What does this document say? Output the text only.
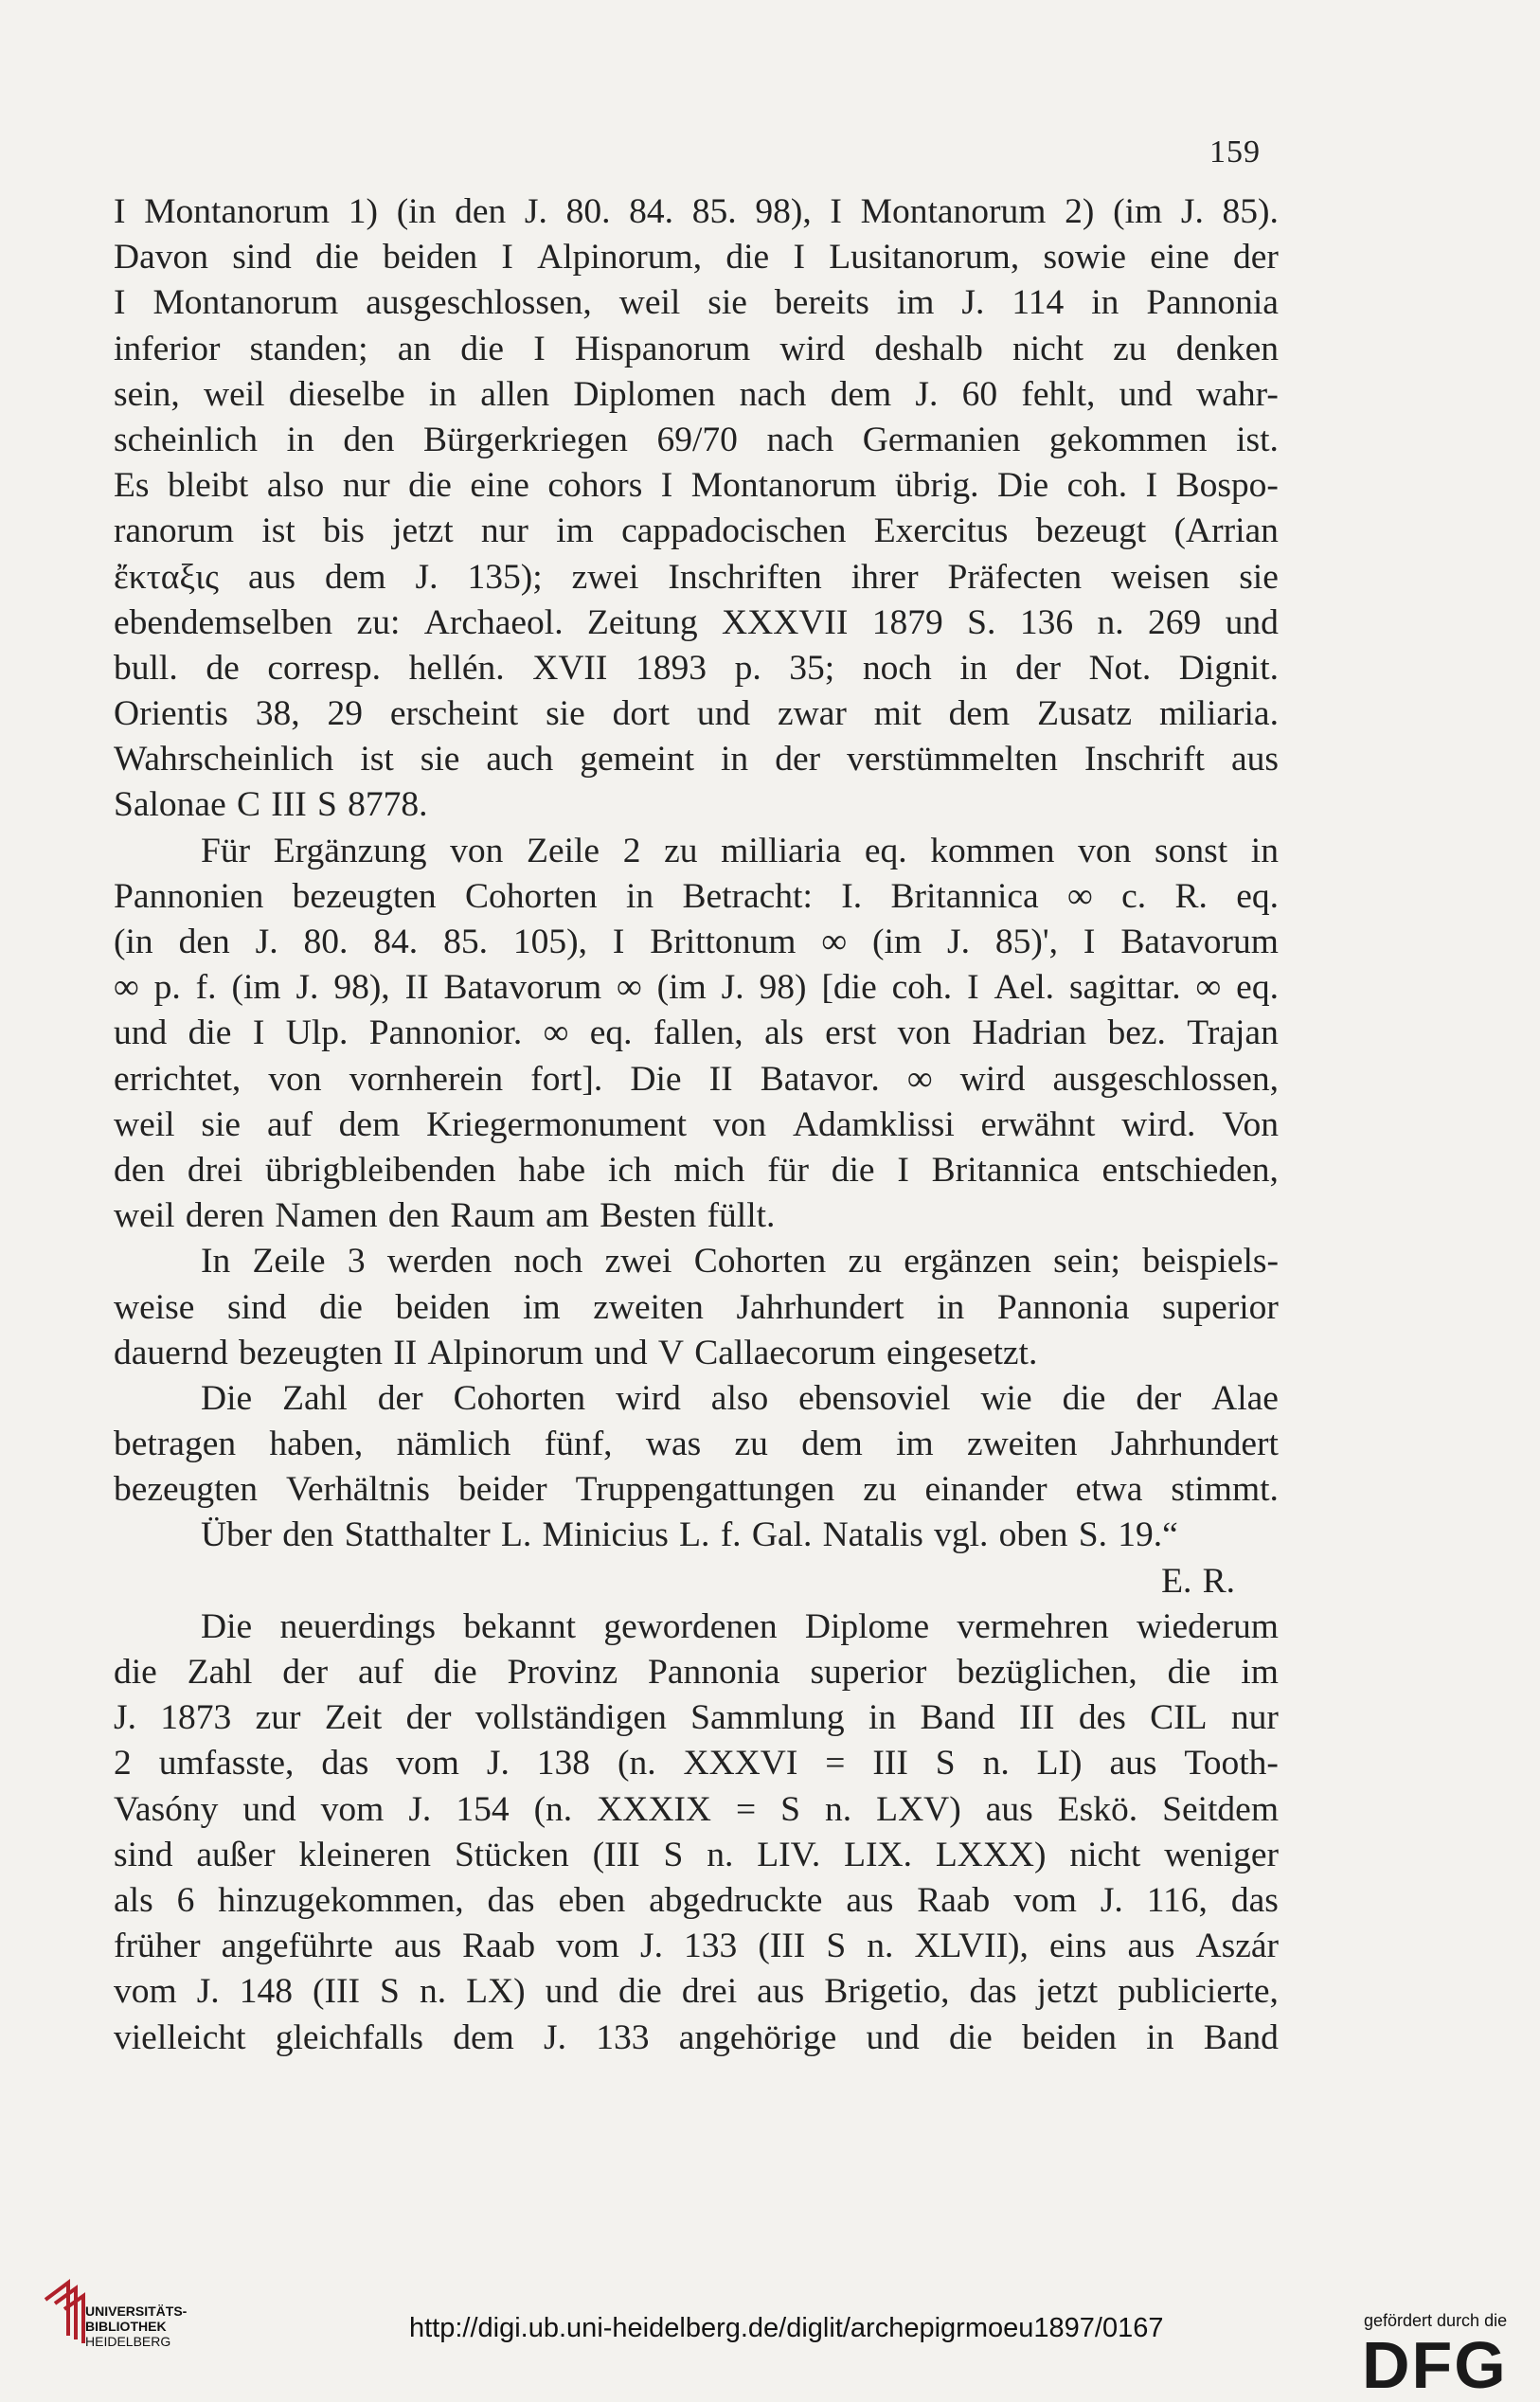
159
I Montanorum 1) (in den J. 80. 84. 85. 98), I Montanorum 2) (im J. 85).
Davon sind die beiden I Alpinorum, die I Lusitanorum, sowie eine der
I Montanorum ausgeschlossen, weil sie bereits im J. 114 in Pannonia
inferior standen; an die I Hispanorum wird deshalb nicht zu denken
sein, weil dieselbe in allen Diplomen nach dem J. 60 fehlt, und wahr-
scheinlich in den Bürgerkriegen 69/70 nach Germanien gekommen ist.
Es bleibt also nur die eine cohors I Montanorum übrig. Die coh. I Bospo-
ranorum ist bis jetzt nur im cappadocischen Exercitus bezeugt (Arrian
ἔκταξις aus dem J. 135); zwei Inschriften ihrer Präfecten weisen sie
ebendemselben zu: Archaeol. Zeitung XXXVII 1879 S. 136 n. 269 und
bull. de corresp. hellén. XVII 1893 p. 35; noch in der Not. Dignit.
Orientis 38, 29 erscheint sie dort und zwar mit dem Zusatz miliaria.
Wahrscheinlich ist sie auch gemeint in der verstümmelten Inschrift aus
Salonae C III S 8778.
Für Ergänzung von Zeile 2 zu milliaria eq. kommen von sonst in
Pannonien bezeugten Cohorten in Betracht: I. Britannica ∞ c. R. eq.
(in den J. 80. 84. 85. 105), I Brittonum ∞ (im J. 85)', I Batavorum
∞ p. f. (im J. 98), II Batavorum ∞ (im J. 98) [die coh. I Ael. sagittar. ∞ eq.
und die I Ulp. Pannonior. ∞ eq. fallen, als erst von Hadrian bez. Trajan
errichtet, von vornherein fort]. Die II Batavor. ∞ wird ausgeschlossen,
weil sie auf dem Kriegermonument von Adamklissi erwähnt wird. Von
den drei übrigbleibenden habe ich mich für die I Britannica entschieden,
weil deren Namen den Raum am Besten füllt.
In Zeile 3 werden noch zwei Cohorten zu ergänzen sein; beispiels-
weise sind die beiden im zweiten Jahrhundert in Pannonia superior
dauernd bezeugten II Alpinorum und V Callaecorum eingesetzt.
Die Zahl der Cohorten wird also ebensoviel wie die der Alae
betragen haben, nämlich fünf, was zu dem im zweiten Jahrhundert
bezeugten Verhältnis beider Truppengattungen zu einander etwa stimmt.
Über den Statthalter L. Minicius L. f. Gal. Natalis vgl. oben S. 19.“
E. R.
Die neuerdings bekannt gewordenen Diplome vermehren wiederum
die Zahl der auf die Provinz Pannonia superior bezüglichen, die im
J. 1873 zur Zeit der vollständigen Sammlung in Band III des CIL nur
2 umfasste, das vom J. 138 (n. XXXVI = III S n. LI) aus Tooth-
Vasóny und vom J. 154 (n. XXXIX = S n. LXV) aus Eskö. Seitdem
sind außer kleineren Stücken (III S n. LIV. LIX. LXXX) nicht weniger
als 6 hinzugekommen, das eben abgedruckte aus Raab vom J. 116, das
früher angeführte aus Raab vom J. 133 (III S n. XLVII), eins aus Aszár
vom J. 148 (III S n. LX) und die drei aus Brigetio, das jetzt publicierte,
vielleicht gleichfalls dem J. 133 angehörige und die beiden in Band
UNIVERSITÄTS-
BIBLIOTHEK
HEIDELBERG	http://digi.ub.uni-heidelberg.de/diglit/archepigrmoeu1897/0167	gefördert durch die
DFG
